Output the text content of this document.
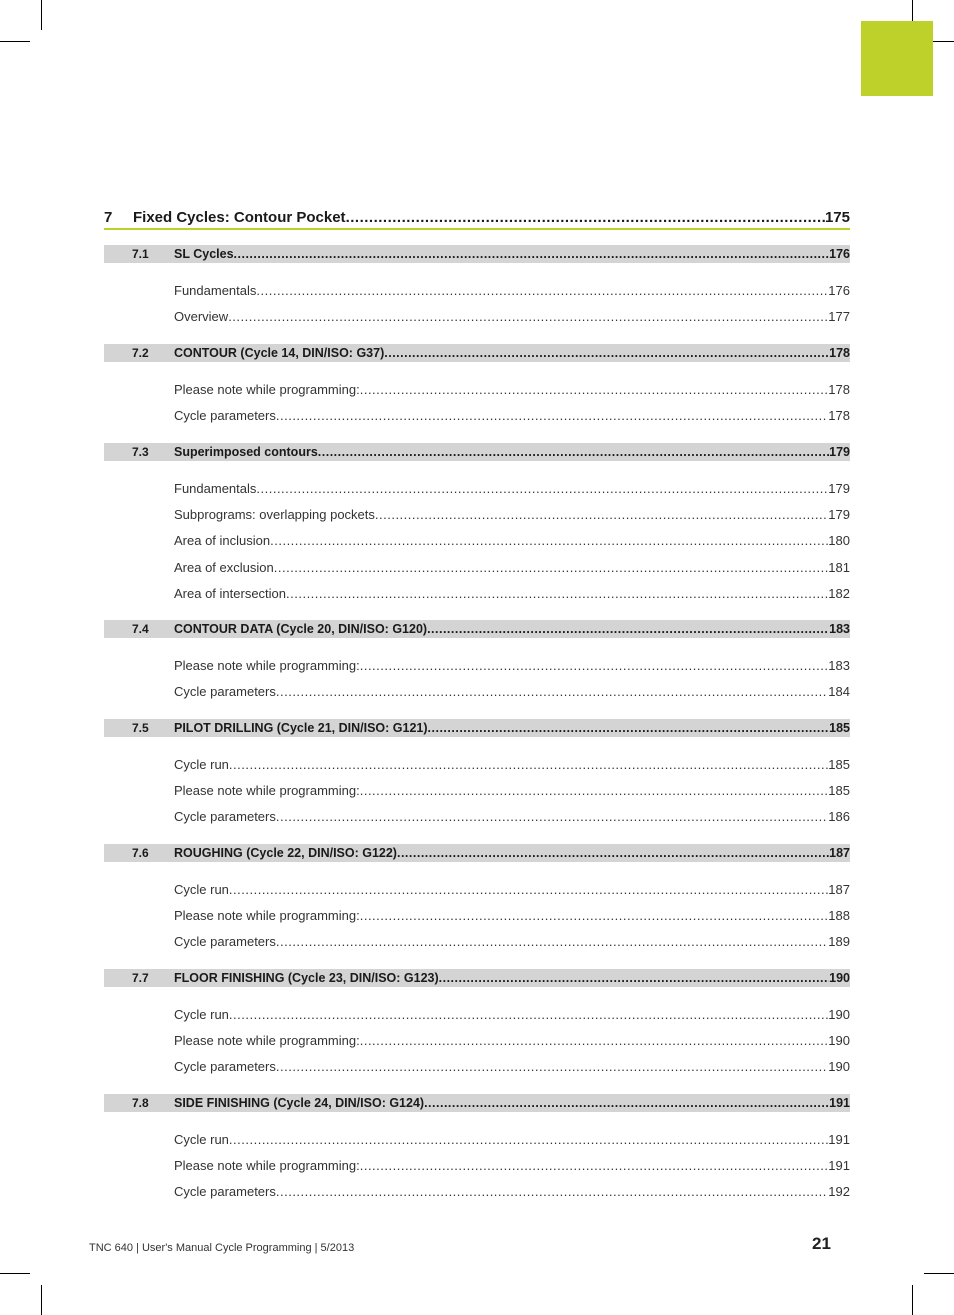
7	Fixed Cycles: Contour Pocket .....	175
7.1	SL Cycles .....	176
Fundamentals .....	176
Overview .....	177
7.2	CONTOUR (Cycle 14, DIN/ISO: G37) .....	178
Please note while programming: .....	178
Cycle parameters .....	178
7.3	Superimposed contours .....	179
Fundamentals .....	179
Subprograms: overlapping pockets .....	179
Area of inclusion .....	180
Area of exclusion .....	181
Area of intersection .....	182
7.4	CONTOUR DATA (Cycle 20, DIN/ISO: G120) .....	183
Please note while programming: .....	183
Cycle parameters .....	184
7.5	PILOT DRILLING (Cycle 21, DIN/ISO: G121) .....	185
Cycle run .....	185
Please note while programming: .....	185
Cycle parameters .....	186
7.6	ROUGHING (Cycle 22, DIN/ISO: G122) .....	187
Cycle run .....	187
Please note while programming: .....	188
Cycle parameters .....	189
7.7	FLOOR FINISHING (Cycle 23, DIN/ISO: G123) .....	190
Cycle run .....	190
Please note while programming: .....	190
Cycle parameters .....	190
7.8	SIDE FINISHING (Cycle 24, DIN/ISO: G124) .....	191
Cycle run .....	191
Please note while programming: .....	191
Cycle parameters .....	192
TNC 640 | User's Manual Cycle Programming | 5/2013	21
